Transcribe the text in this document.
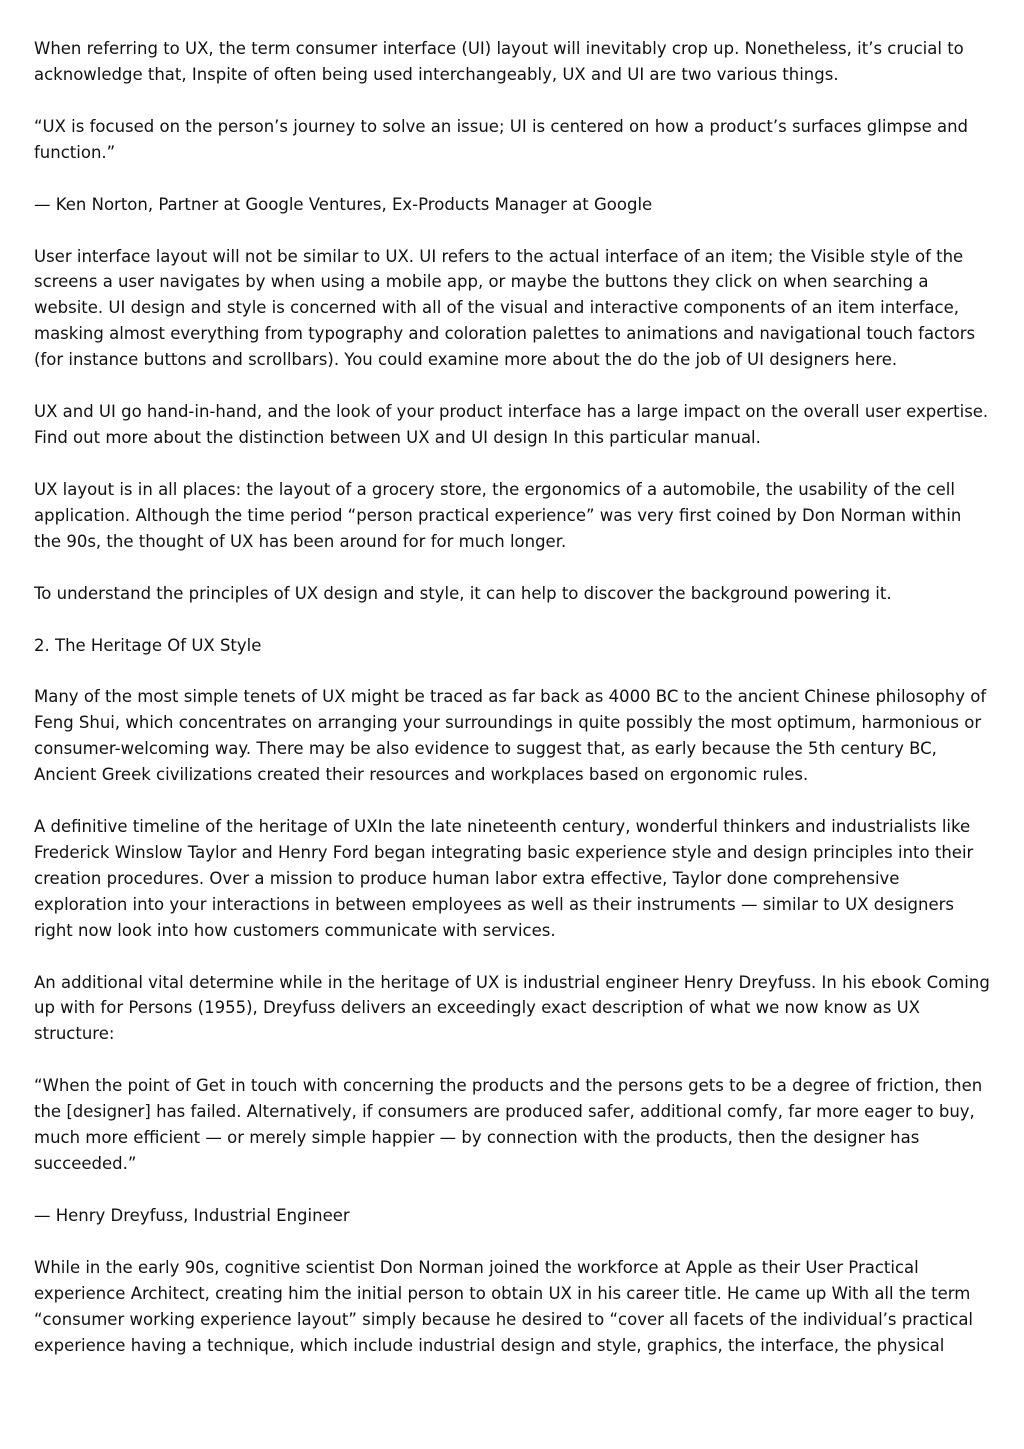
When referring to UX, the term consumer interface (UI) layout will inevitably crop up. Nonetheless, it’s crucial to acknowledge that, Inspite of often being used interchangeably, UX and UI are two various things.

“UX is focused on the person’s journey to solve an issue; UI is centered on how a product’s surfaces glimpse and function.”

— Ken Norton, Partner at Google Ventures, Ex-Products Manager at Google

User interface layout will not be similar to UX. UI refers to the actual interface of an item; the Visible style of the screens a user navigates by when using a mobile app, or maybe the buttons they click on when searching a website. UI design and style is concerned with all of the visual and interactive components of an item interface, masking almost everything from typography and coloration palettes to animations and navigational touch factors (for instance buttons and scrollbars). You could examine more about the do the job of UI designers here.

UX and UI go hand-in-hand, and the look of your product interface has a large impact on the overall user expertise. Find out more about the distinction between UX and UI design In this particular manual.

UX layout is in all places: the layout of a grocery store, the ergonomics of a automobile, the usability of the cell application. Although the time period “person practical experience” was very first coined by Don Norman within the 90s, the thought of UX has been around for for much longer.

To understand the principles of UX design and style, it can help to discover the background powering it.

2. The Heritage Of UX Style

Many of the most simple tenets of UX might be traced as far back as 4000 BC to the ancient Chinese philosophy of Feng Shui, which concentrates on arranging your surroundings in quite possibly the most optimum, harmonious or consumer-welcoming way. There may be also evidence to suggest that, as early because the 5th century BC, Ancient Greek civilizations created their resources and workplaces based on ergonomic rules.

A definitive timeline of the heritage of UXIn the late nineteenth century, wonderful thinkers and industrialists like Frederick Winslow Taylor and Henry Ford began integrating basic experience style and design principles into their creation procedures. Over a mission to produce human labor extra effective, Taylor done comprehensive exploration into your interactions in between employees as well as their instruments — similar to UX designers right now look into how customers communicate with services.

An additional vital determine while in the heritage of UX is industrial engineer Henry Dreyfuss. In his ebook Coming up with for Persons (1955), Dreyfuss delivers an exceedingly exact description of what we now know as UX structure:

“When the point of Get in touch with concerning the products and the persons gets to be a degree of friction, then the [designer] has failed. Alternatively, if consumers are produced safer, additional comfy, far more eager to buy, much more efficient — or merely simple happier — by connection with the products, then the designer has succeeded.”

— Henry Dreyfuss, Industrial Engineer

While in the early 90s, cognitive scientist Don Norman joined the workforce at Apple as their User Practical experience Architect, creating him the initial person to obtain UX in his career title. He came up With all the term “consumer working experience layout” simply because he desired to “cover all facets of the individual’s practical experience having a technique, which include industrial design and style, graphics, the interface, the physical
